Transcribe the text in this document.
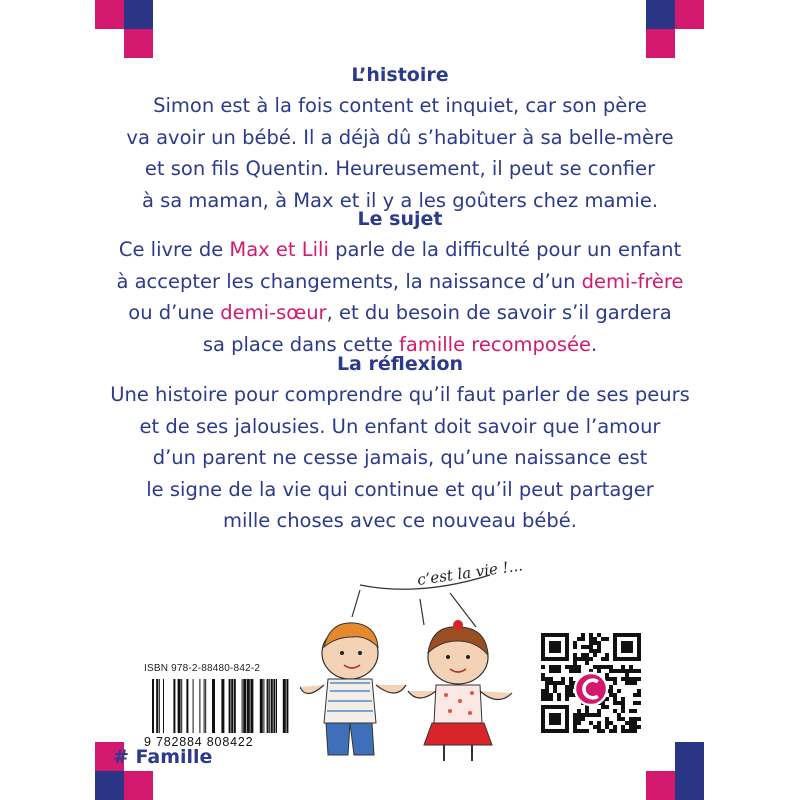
L’histoire
Simon est à la fois content et inquiet, car son père
va avoir un bébé. Il a déjà dû s’habituer à sa belle-mère
et son fils Quentin. Heureusement, il peut se confier
à sa maman, à Max et il y a les goûters chez mamie.
Le sujet
Ce livre de Max et Lili parle de la difficulté pour un enfant
à accepter les changements, la naissance d’un demi-frère
ou d’une demi-sœur, et du besoin de savoir s’il gardera
sa place dans cette famille recomposée.
La réflexion
Une histoire pour comprendre qu’il faut parler de ses peurs
et de ses jalousies. Un enfant doit savoir que l’amour
d’un parent ne cesse jamais, qu’une naissance est
le signe de la vie qui continue et qu’il peut partager
mille choses avec ce nouveau bébé.
c’est la vie !...
ISBN 978-2-88480-842-2
9 782884 808422
# Famille
